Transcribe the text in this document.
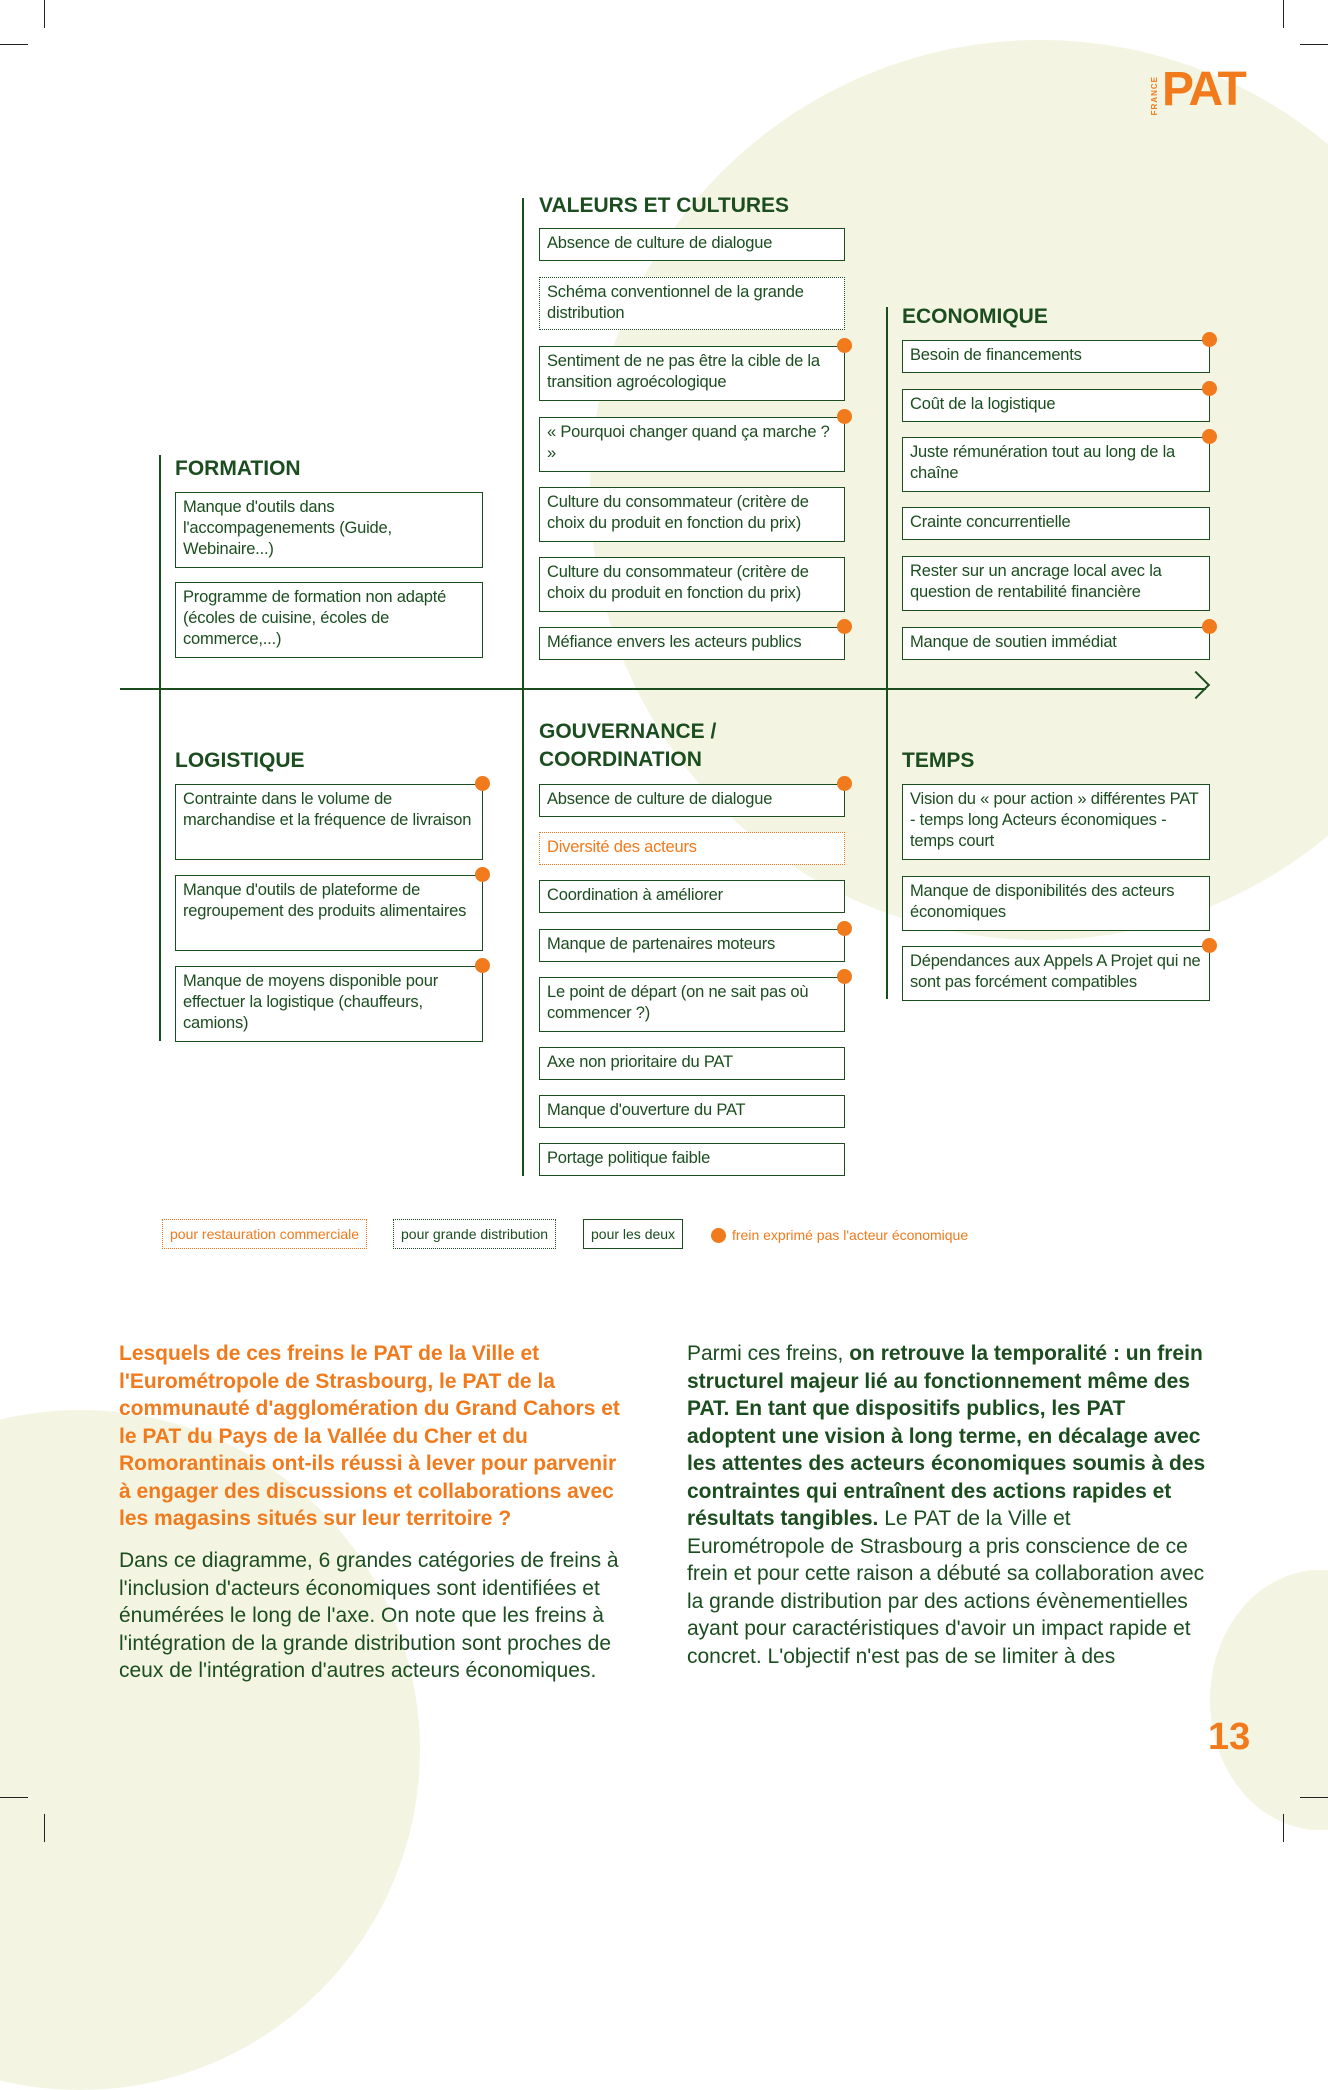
FRANCE PAT
VALEURS ET CULTURES
Absence de culture de dialogue
Schéma conventionnel de la grande distribution
Sentiment de ne pas être la cible de la transition agroécologique
« Pourquoi changer quand ça marche ? »
Culture du consommateur (critère de choix du produit en fonction du prix)
Culture du consommateur (critère de choix du produit en fonction du prix)
Méfiance envers les acteurs publics
ECONOMIQUE
Besoin de financements
Coût de la logistique
Juste rémunération tout au long de la chaîne
Crainte concurrentielle
Rester sur un ancrage local avec la question de rentabilité financière
Manque de soutien immédiat
FORMATION
Manque d'outils dans l'accompagenements (Guide, Webinaire...)
Programme de formation non adapté (écoles de cuisine, écoles de commerce,...)
LOGISTIQUE
Contrainte dans le volume de marchandise et la fréquence de livraison
Manque d'outils de plateforme de regroupement des produits alimentaires
Manque de moyens disponible pour effectuer la logistique (chauffeurs, camions)
GOUVERNANCE /
COORDINATION
Absence de culture de dialogue
Diversité des acteurs
Coordination à améliorer
Manque de partenaires moteurs
Le point de départ (on ne sait pas où commencer ?)
Axe non prioritaire du PAT
Manque d'ouverture du PAT
Portage politique faible
TEMPS
Vision du « pour action » différentes PAT - temps long Acteurs économiques - temps court
Manque de disponibilités des acteurs économiques
Dépendances aux Appels A Projet qui ne sont pas forcément compatibles
pour restauration commerciale	pour grande distribution	pour les deux	frein exprimé pas l'acteur économique
Lesquels de ces freins le PAT de la Ville et l'Eurométropole de Strasbourg, le PAT de la communauté d'agglomération du Grand Cahors et le PAT du Pays de la Vallée du Cher et du Romorantinais ont-ils réussi à lever pour parvenir à engager des discussions et collaborations avec les magasins situés sur leur territoire ?
Dans ce diagramme, 6 grandes catégories de freins à l'inclusion d'acteurs économiques sont identifiées et énumérées le long de l'axe. On note que les freins à l'intégration de la grande distribution sont proches de ceux de l'intégration d'autres acteurs économiques.
Parmi ces freins, on retrouve la temporalité : un frein structurel majeur lié au fonctionnement même des PAT. En tant que dispositifs publics, les PAT adoptent une vision à long terme, en décalage avec les attentes des acteurs économiques soumis à des contraintes qui entraînent des actions rapides et résultats tangibles. Le PAT de la Ville et Eurométropole de Strasbourg a pris conscience de ce frein et pour cette raison a débuté sa collaboration avec la grande distribution par des actions évènementielles ayant pour caractéristiques d'avoir un impact rapide et concret. L'objectif n'est pas de se limiter à des
13
